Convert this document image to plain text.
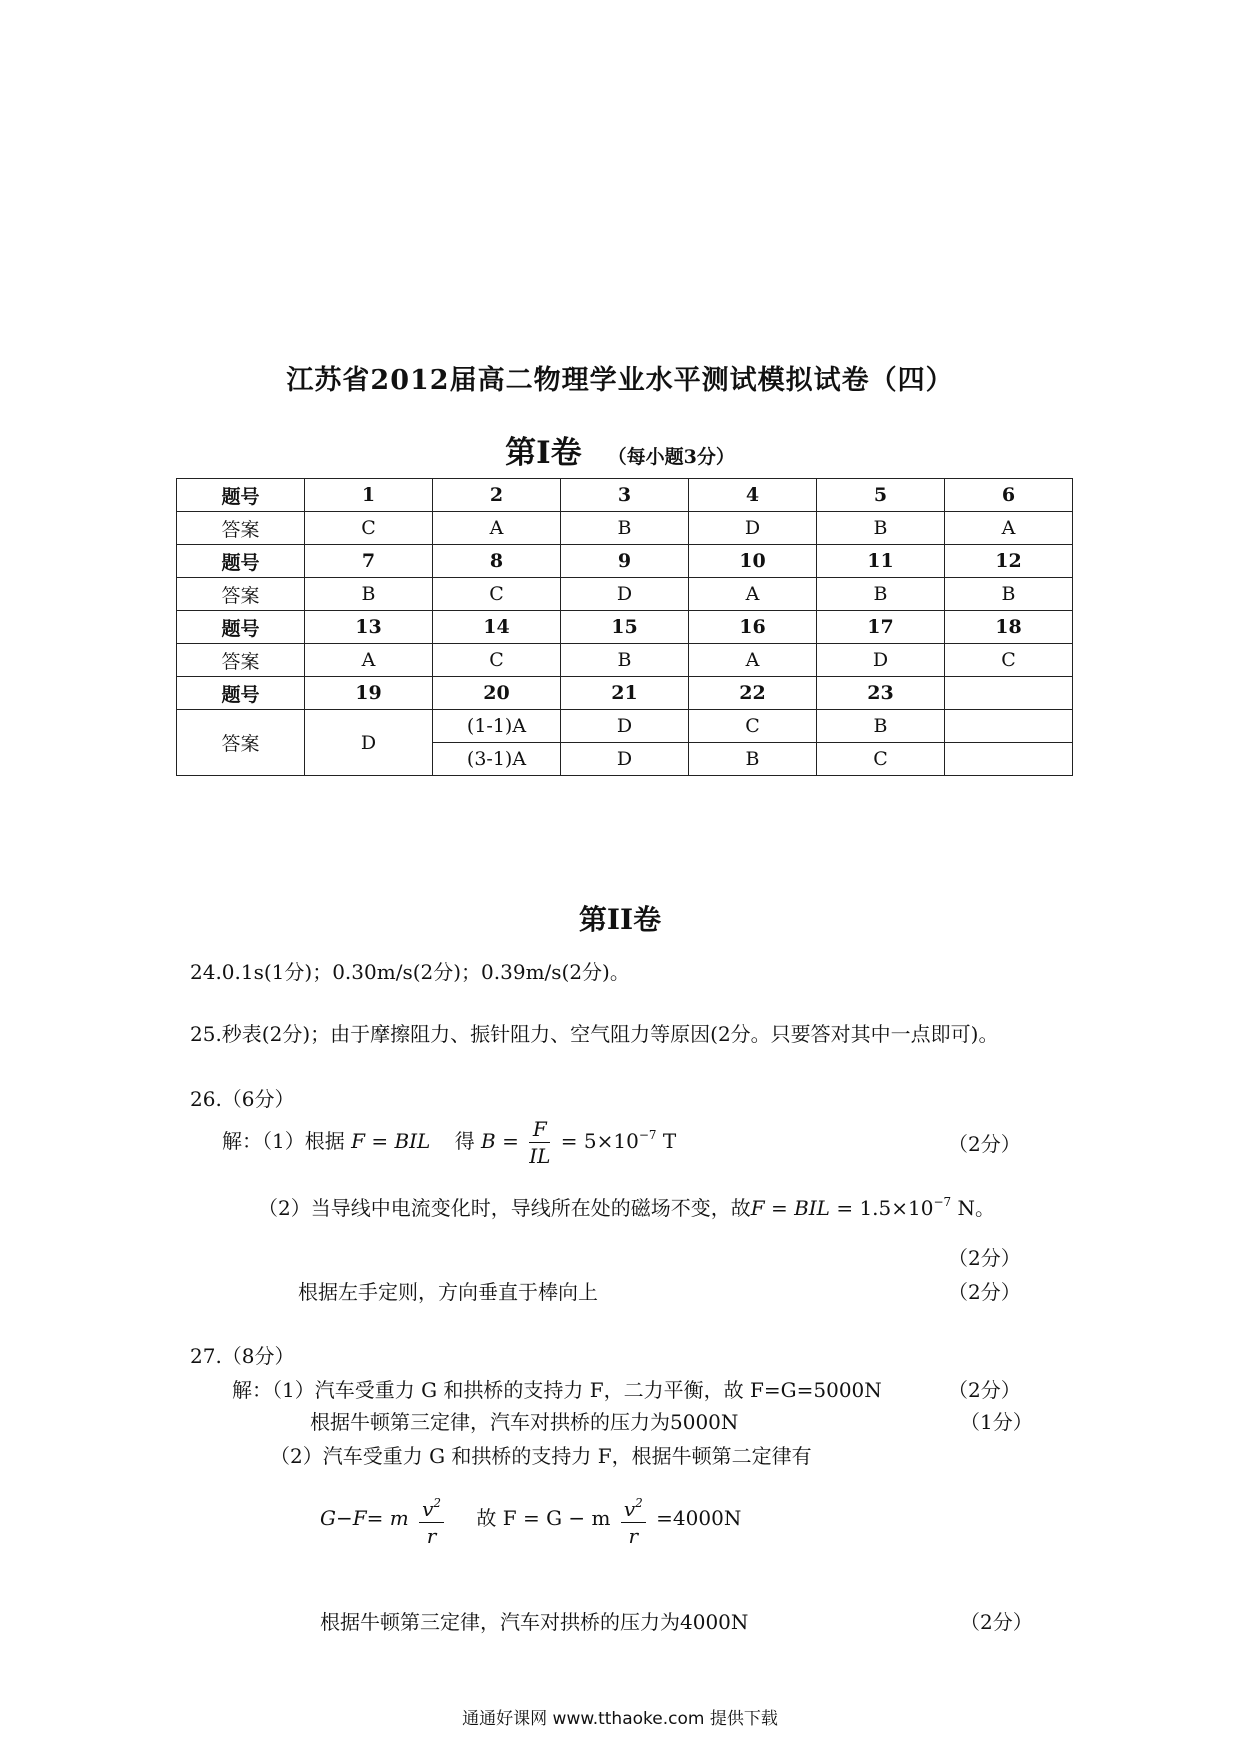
江苏省2012届高二物理学业水平测试模拟试卷（四）
第Ⅰ卷 （每小题3分）
题号	1	2	3	4	5	6
答案	C	A	B	D	B	A
题号	7	8	9	10	11	12
答案	B	C	D	A	B	B
题号	13	14	15	16	17	18
答案	A	C	B	A	D	C
题号	19	20	21	22	23	
答案	D	(1-1)A	D	C	B	
		(3-1)A	D	B	C	
第II卷
24.0.1s(1分)；0.30m/s(2分)；0.39m/s(2分)。
25.秒表(2分)；由于摩擦阻力、振针阻力、空气阻力等原因(2分。只要答对其中一点即可)。
26.（6分）
解：（1）根据 F = BIL 得 $B = \frac{F}{IL} = 5\times 10^{-7}$ T	（2分）
（2）当导线中电流变化时，导线所在处的磁场不变，故F = BIL = $1.5\times 10^{-7}$ N。
（2分）
根据左手定则，方向垂直于棒向上	（2分）
27.（8分）
解：（1）汽车受重力 G 和拱桥的支持力 F，二力平衡，故 F=G=5000N	（2分）
根据牛顿第三定律，汽车对拱桥的压力为5000N	（1分）
（2）汽车受重力 G 和拱桥的支持力 F，根据牛顿第二定律有
G−F= m $\frac{v^2}{r}$ 故 F = G − m $\frac{v^2}{r} =4000N$
根据牛顿第三定律，汽车对拱桥的压力为4000N	（2分）
通通好课网 www.tthaoke.com 提供下载
